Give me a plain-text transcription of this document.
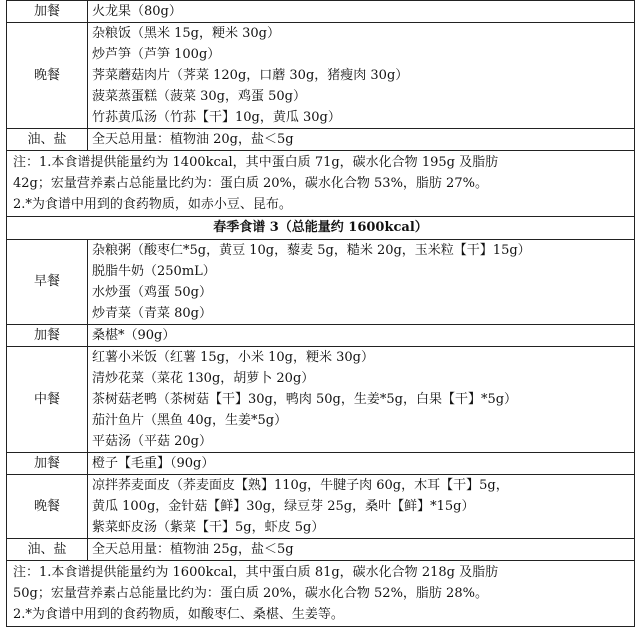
加餐	火龙果（80g）

晚餐	杂粮饭（黑米 15g，粳米 30g）
炒芦笋（芦笋 100g）
荠菜蘑菇肉片（荠菜 120g，口蘑 30g，猪瘦肉 30g）
菠菜蒸蛋糕（菠菜 30g，鸡蛋 50g）
竹荪黄瓜汤（竹荪【干】10g，黄瓜 30g）

油、盐	全天总用量：植物油 20g，盐＜5g

注：1.本食谱提供能量约为 1400kcal，其中蛋白质 71g，碳水化合物 195g 及脂肪
42g；宏量营养素占总能量比约为：蛋白质 20%，碳水化合物 53%，脂肪 27%。
2.*为食谱中用到的食药物质，如赤小豆、昆布。	

春季食谱 3（总能量约 1600kcal）	
早餐	杂粮粥（酸枣仁*5g，黄豆 10g，藜麦 5g，糙米 20g，玉米粒【干】15g）
脱脂牛奶（250mL）
水炒蛋（鸡蛋 50g）
炒青菜（青菜 80g）

加餐	桑椹*（90g）

中餐	红薯小米饭（红薯 15g，小米 10g，粳米 30g）
清炒花菜（菜花 130g，胡萝卜 20g）
茶树菇老鸭（茶树菇【干】30g，鸭肉 50g，生姜*5g，白果【干】*5g）
茄汁鱼片（黑鱼 40g，生姜*5g）
平菇汤（平菇 20g）

加餐	橙子【毛重】（90g）

晚餐	凉拌荞麦面皮（荞麦面皮【熟】110g，牛腱子肉 60g，木耳【干】5g，
黄瓜 100g，金针菇【鲜】30g，绿豆芽 25g，桑叶【鲜】*15g）
紫菜虾皮汤（紫菜【干】5g，虾皮 5g）

油、盐	全天总用量：植物油 25g，盐＜5g

注：1.本食谱提供能量约为 1600kcal，其中蛋白质 81g，碳水化合物 218g 及脂肪
50g；宏量营养素占总能量比约为：蛋白质 20%，碳水化合物 52%，脂肪 28%。
2.*为食谱中用到的食药物质，如酸枣仁、桑椹、生姜等。	
